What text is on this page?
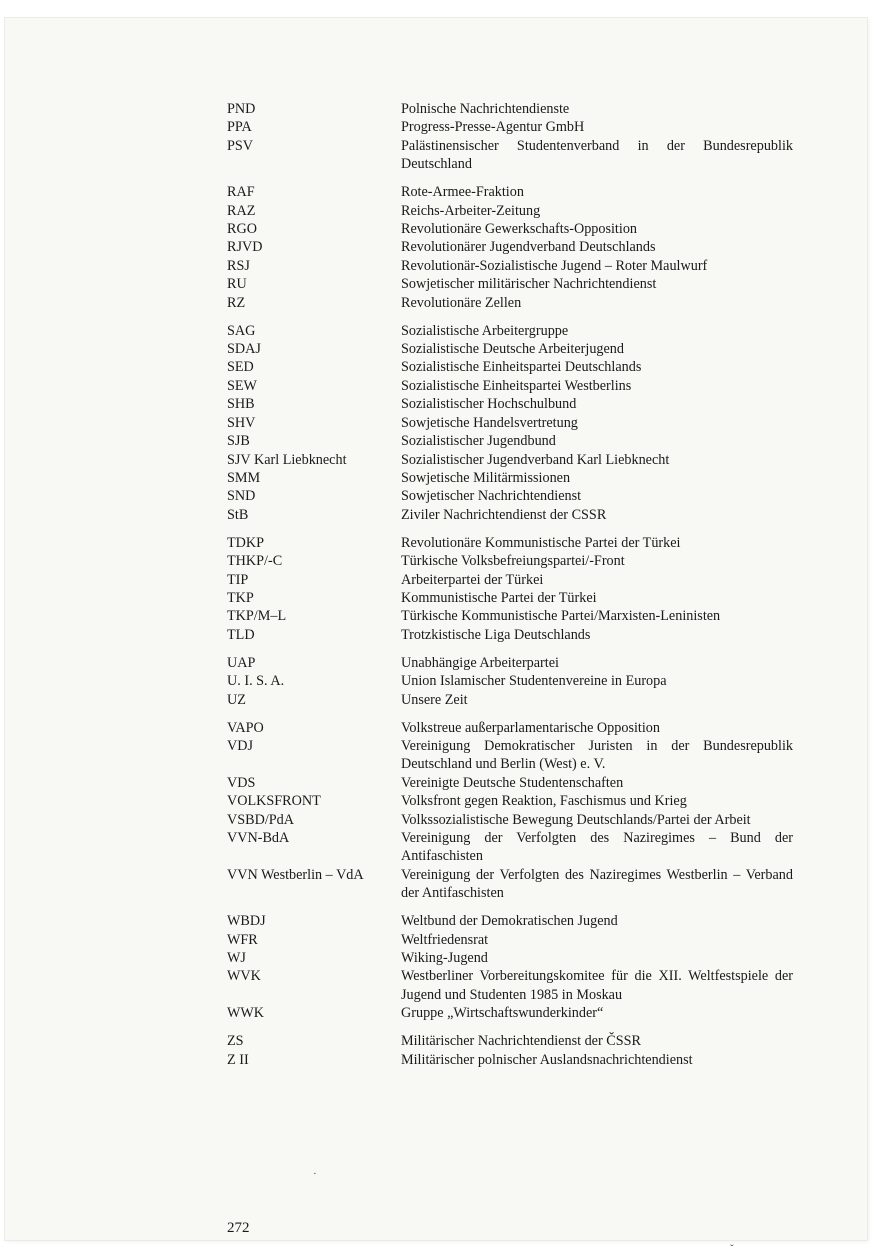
PND	Polnische Nachrichtendienste
PPA	Progress-Presse-Agentur GmbH
PSV	Palästinensischer Studentenverband in der Bundesrepublik Deutschland
RAF	Rote-Armee-Fraktion
RAZ	Reichs-Arbeiter-Zeitung
RGO	Revolutionäre Gewerkschafts-Opposition
RJVD	Revolutionärer Jugendverband Deutschlands
RSJ	Revolutionär-Sozialistische Jugend – Roter Maulwurf
RU	Sowjetischer militärischer Nachrichtendienst
RZ	Revolutionäre Zellen
SAG	Sozialistische Arbeitergruppe
SDAJ	Sozialistische Deutsche Arbeiterjugend
SED	Sozialistische Einheitspartei Deutschlands
SEW	Sozialistische Einheitspartei Westberlins
SHB	Sozialistischer Hochschulbund
SHV	Sowjetische Handelsvertretung
SJB	Sozialistischer Jugendbund
SJV Karl Liebknecht	Sozialistischer Jugendverband Karl Liebknecht
SMM	Sowjetische Militärmissionen
SND	Sowjetischer Nachrichtendienst
StB	Ziviler Nachrichtendienst der CSSR
TDKP	Revolutionäre Kommunistische Partei der Türkei
THKP/-C	Türkische Volksbefreiungspartei/-Front
TIP	Arbeiterpartei der Türkei
TKP	Kommunistische Partei der Türkei
TKP/M–L	Türkische Kommunistische Partei/Marxisten-Leninisten
TLD	Trotzkistische Liga Deutschlands
UAP	Unabhängige Arbeiterpartei
U. I. S. A.	Union Islamischer Studentenvereine in Europa
UZ	Unsere Zeit
VAPO	Volkstreue außerparlamentarische Opposition
VDJ	Vereinigung Demokratischer Juristen in der Bundesrepublik Deutschland und Berlin (West) e. V.
VDS	Vereinigte Deutsche Studentenschaften
VOLKSFRONT	Volksfront gegen Reaktion, Faschismus und Krieg
VSBD/PdA	Volkssozialistische Bewegung Deutschlands/Partei der Arbeit
VVN-BdA	Vereinigung der Verfolgten des Naziregimes – Bund der Antifaschisten
VVN Westberlin – VdA	Vereinigung der Verfolgten des Naziregimes Westberlin – Verband der Antifaschisten
WBDJ	Weltbund der Demokratischen Jugend
WFR	Weltfriedensrat
WJ	Wiking-Jugend
WVK	Westberliner Vorbereitungskomitee für die XII. Weltfestspiele der Jugend und Studenten 1985 in Moskau
WWK	Gruppe „Wirtschaftswunderkinder“
ZS	Militärischer Nachrichtendienst der ČSSR
Z II	Militärischer polnischer Auslandsnachrichtendienst
272
·
ˇ
